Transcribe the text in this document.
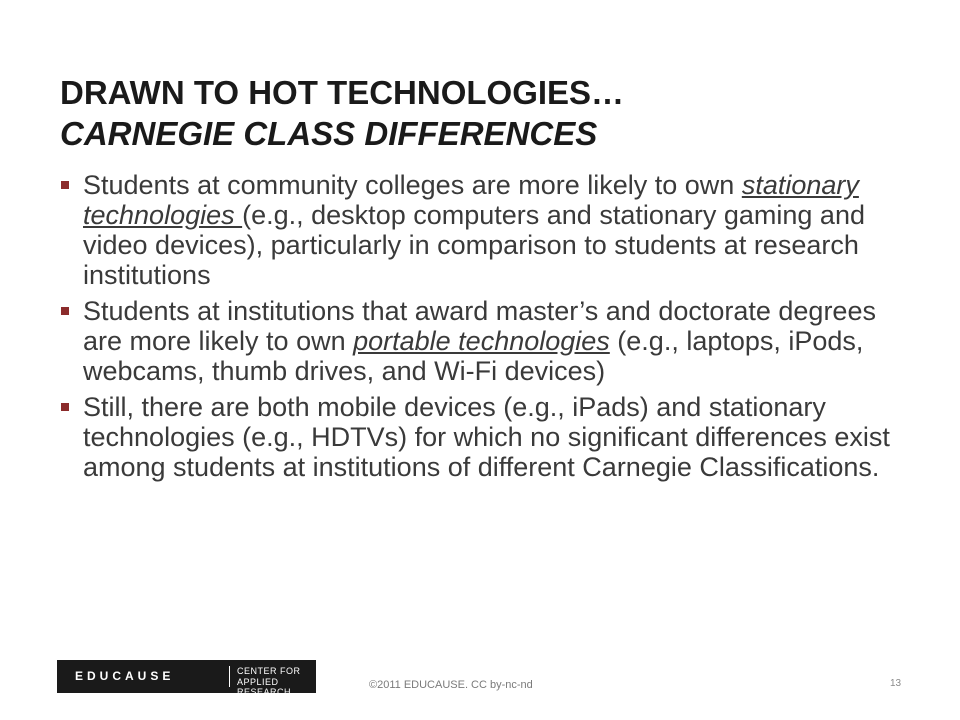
DRAWN TO HOT TECHNOLOGIES…
CARNEGIE CLASS DIFFERENCES
Students at community colleges are more likely to own stationary technologies (e.g., desktop computers and stationary gaming and video devices), particularly in comparison to students at research institutions
Students at institutions that award master’s and doctorate degrees are more likely to own portable technologies (e.g., laptops, iPods, webcams, thumb drives, and Wi-Fi devices)
Still, there are both mobile devices (e.g., iPads) and stationary technologies (e.g., HDTVs) for which no significant differences exist among students at institutions of different Carnegie Classifications.
EDUCAUSE	CENTER FOR
APPLIED RESEARCH
©2011 EDUCAUSE. CC by-nc-nd	13
